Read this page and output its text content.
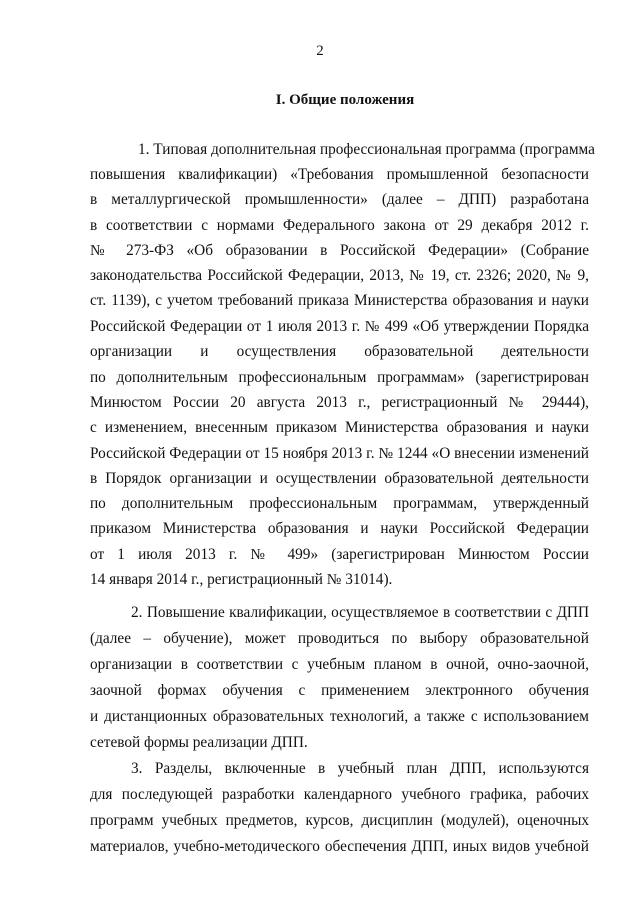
2
I. Общие положения
1. Типовая дополнительная профессиональная программа (программа
повышения квалификации) «Требования промышленной безопасности
в металлургической промышленности» (далее – ДПП) разработана
в соответствии с нормами Федерального закона от 29 декабря 2012 г.
№ 273-ФЗ «Об образовании в Российской Федерации» (Собрание
законодательства Российской Федерации, 2013, № 19, ст. 2326; 2020, № 9,
ст. 1139), с учетом требований приказа Министерства образования и науки
Российской Федерации от 1 июля 2013 г. № 499 «Об утверждении Порядка
организации и осуществления образовательной деятельности
по дополнительным профессиональным программам» (зарегистрирован
Минюстом России 20 августа 2013 г., регистрационный № 29444),
с изменением, внесенным приказом Министерства образования и науки
Российской Федерации от 15 ноября 2013 г. № 1244 «О внесении изменений
в Порядок организации и осуществлении образовательной деятельности
по дополнительным профессиональным программам, утвержденный
приказом Министерства образования и науки Российской Федерации
от 1 июля 2013 г. № 499» (зарегистрирован Минюстом России
14 января 2014 г., регистрационный № 31014).
2. Повышение квалификации, осуществляемое в соответствии с ДПП
(далее – обучение), может проводиться по выбору образовательной
организации в соответствии с учебным планом в очной, очно-заочной,
заочной формах обучения с применением электронного обучения
и дистанционных образовательных технологий, а также с использованием
сетевой формы реализации ДПП.
3. Разделы, включенные в учебный план ДПП, используются
для последующей разработки календарного учебного графика, рабочих
программ учебных предметов, курсов, дисциплин (модулей), оценочных
материалов, учебно-методического обеспечения ДПП, иных видов учебной
